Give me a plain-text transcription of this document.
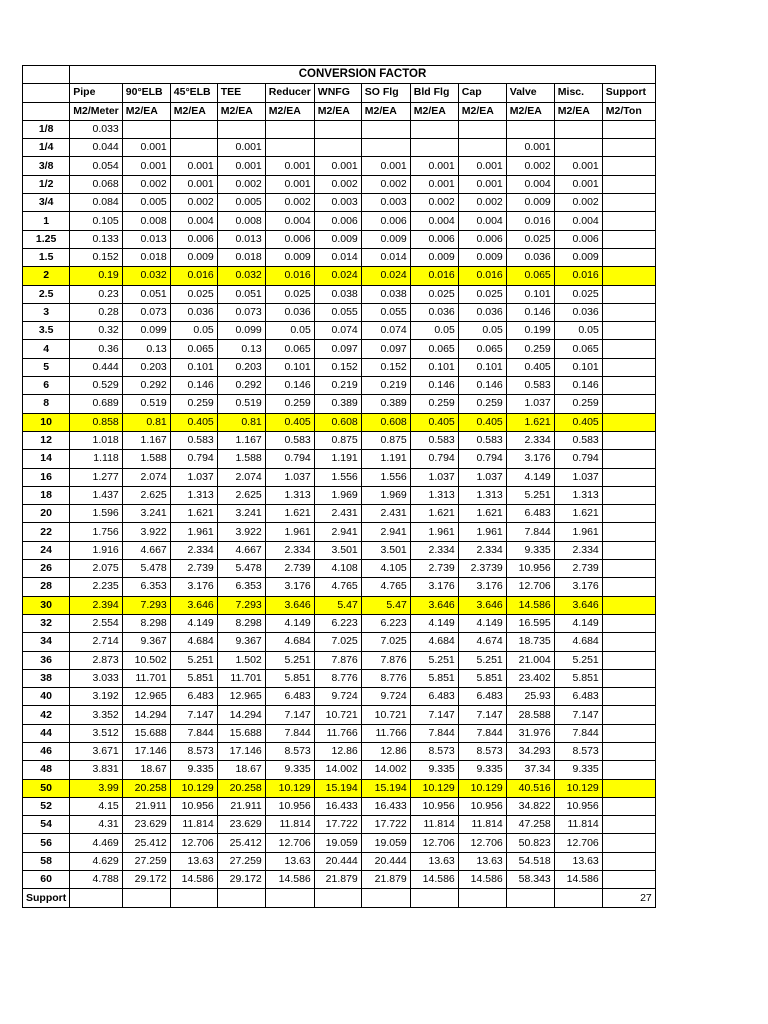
	CONVERSION FACTOR											
	Pipe	90°ELB	45°ELB	TEE	Reducer	WNFG	SO Flg	Bld Flg	Cap	Valve	Misc.	Support
	M2/Meter	M2/EA	M2/EA	M2/EA	M2/EA	M2/EA	M2/EA	M2/EA	M2/EA	M2/EA	M2/EA	M2/Ton
1/8	0.033											
1/4	0.044	0.001		0.001						0.001		
3/8	0.054	0.001	0.001	0.001	0.001	0.001	0.001	0.001	0.001	0.002	0.001	
1/2	0.068	0.002	0.001	0.002	0.001	0.002	0.002	0.001	0.001	0.004	0.001	
3/4	0.084	0.005	0.002	0.005	0.002	0.003	0.003	0.002	0.002	0.009	0.002	
1	0.105	0.008	0.004	0.008	0.004	0.006	0.006	0.004	0.004	0.016	0.004	
1.25	0.133	0.013	0.006	0.013	0.006	0.009	0.009	0.006	0.006	0.025	0.006	
1.5	0.152	0.018	0.009	0.018	0.009	0.014	0.014	0.009	0.009	0.036	0.009	
2	0.19	0.032	0.016	0.032	0.016	0.024	0.024	0.016	0.016	0.065	0.016	
2.5	0.23	0.051	0.025	0.051	0.025	0.038	0.038	0.025	0.025	0.101	0.025	
3	0.28	0.073	0.036	0.073	0.036	0.055	0.055	0.036	0.036	0.146	0.036	
3.5	0.32	0.099	0.05	0.099	0.05	0.074	0.074	0.05	0.05	0.199	0.05	
4	0.36	0.13	0.065	0.13	0.065	0.097	0.097	0.065	0.065	0.259	0.065	
5	0.444	0.203	0.101	0.203	0.101	0.152	0.152	0.101	0.101	0.405	0.101	
6	0.529	0.292	0.146	0.292	0.146	0.219	0.219	0.146	0.146	0.583	0.146	
8	0.689	0.519	0.259	0.519	0.259	0.389	0.389	0.259	0.259	1.037	0.259	
10	0.858	0.81	0.405	0.81	0.405	0.608	0.608	0.405	0.405	1.621	0.405	
12	1.018	1.167	0.583	1.167	0.583	0.875	0.875	0.583	0.583	2.334	0.583	
14	1.118	1.588	0.794	1.588	0.794	1.191	1.191	0.794	0.794	3.176	0.794	
16	1.277	2.074	1.037	2.074	1.037	1.556	1.556	1.037	1.037	4.149	1.037	
18	1.437	2.625	1.313	2.625	1.313	1.969	1.969	1.313	1.313	5.251	1.313	
20	1.596	3.241	1.621	3.241	1.621	2.431	2.431	1.621	1.621	6.483	1.621	
22	1.756	3.922	1.961	3.922	1.961	2.941	2.941	1.961	1.961	7.844	1.961	
24	1.916	4.667	2.334	4.667	2.334	3.501	3.501	2.334	2.334	9.335	2.334	
26	2.075	5.478	2.739	5.478	2.739	4.108	4.105	2.739	2.3739	10.956	2.739	
28	2.235	6.353	3.176	6.353	3.176	4.765	4.765	3.176	3.176	12.706	3.176	
30	2.394	7.293	3.646	7.293	3.646	5.47	5.47	3.646	3.646	14.586	3.646	
32	2.554	8.298	4.149	8.298	4.149	6.223	6.223	4.149	4.149	16.595	4.149	
34	2.714	9.367	4.684	9.367	4.684	7.025	7.025	4.684	4.674	18.735	4.684	
36	2.873	10.502	5.251	1.502	5.251	7.876	7.876	5.251	5.251	21.004	5.251	
38	3.033	11.701	5.851	11.701	5.851	8.776	8.776	5.851	5.851	23.402	5.851	
40	3.192	12.965	6.483	12.965	6.483	9.724	9.724	6.483	6.483	25.93	6.483	
42	3.352	14.294	7.147	14.294	7.147	10.721	10.721	7.147	7.147	28.588	7.147	
44	3.512	15.688	7.844	15.688	7.844	11.766	11.766	7.844	7.844	31.976	7.844	
46	3.671	17.146	8.573	17.146	8.573	12.86	12.86	8.573	8.573	34.293	8.573	
48	3.831	18.67	9.335	18.67	9.335	14.002	14.002	9.335	9.335	37.34	9.335	
50	3.99	20.258	10.129	20.258	10.129	15.194	15.194	10.129	10.129	40.516	10.129	
52	4.15	21.911	10.956	21.911	10.956	16.433	16.433	10.956	10.956	34.822	10.956	
54	4.31	23.629	11.814	23.629	11.814	17.722	17.722	11.814	11.814	47.258	11.814	
56	4.469	25.412	12.706	25.412	12.706	19.059	19.059	12.706	12.706	50.823	12.706	
58	4.629	27.259	13.63	27.259	13.63	20.444	20.444	13.63	13.63	54.518	13.63	
60	4.788	29.172	14.586	29.172	14.586	21.879	21.879	14.586	14.586	58.343	14.586	
Support												27
